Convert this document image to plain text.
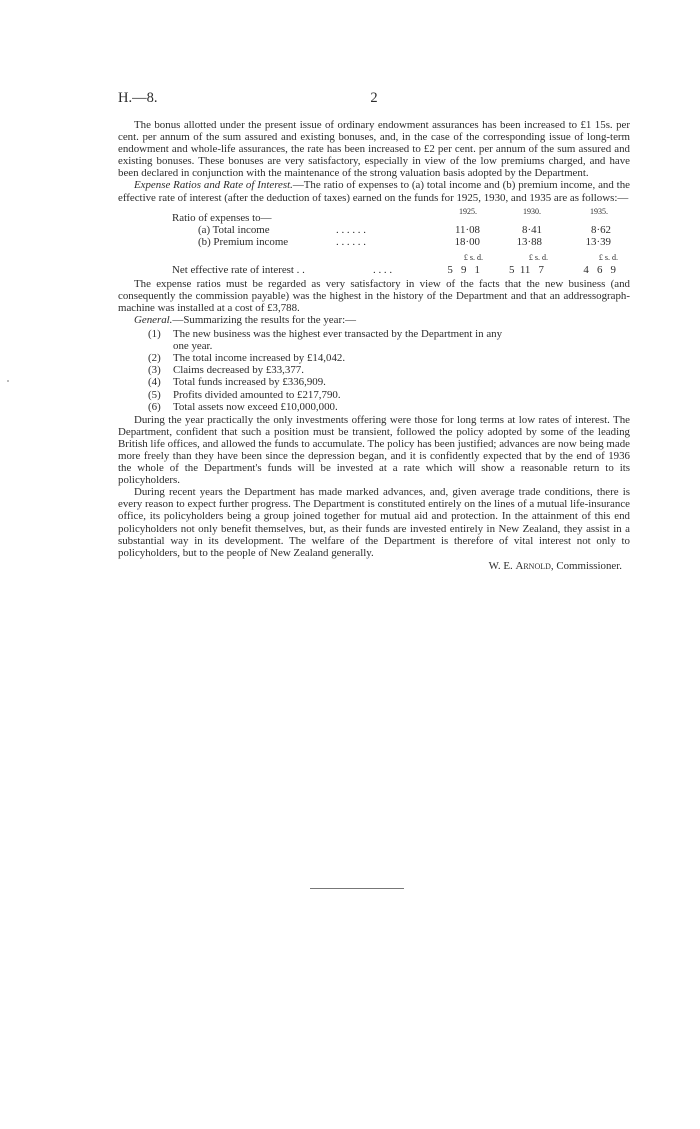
H.—8.	2

The bonus allotted under the present issue of ordinary endowment assurances has been increased to £1 15s. per cent. per annum of the sum assured and existing bonuses, and, in the case of the corresponding issue of long-term endowment and whole-life assurances, the rate has been increased to £2 per cent. per annum of the sum assured and existing bonuses. These bonuses are very satisfactory, especially in view of the low premiums charged, and have been declared in conjunction with the maintenance of the strong valuation basis adopted by the Department.

Expense Ratios and Rate of Interest.—The ratio of expenses to (a) total income and (b) premium income, and the effective rate of interest (after the deduction of taxes) earned on the funds for 1925, 1930, and 1935 are as follows:—

1925.	1930.	1935.
Ratio of expenses to—
(a) Total income	. . . . . .	11·08	8·41	8·62
(b) Premium income	. . . . . .	18·00	13·88	13·39
£ s. d.	£ s. d.	£ s. d.
Net effective rate of interest . .	. . . .	5   9   1	5  11   7	4   6   9

The expense ratios must be regarded as very satisfactory in view of the facts that the new business (and consequently the commission payable) was the highest in the history of the Department and that an addressograph-machine was installed at a cost of £3,788.

General.—Summarizing the results for the year:—

(1) The new business was the highest ever transacted by the Department in any
one year.
(2) The total income increased by £14,042.
(3) Claims decreased by £33,377.
(4) Total funds increased by £336,909.
(5) Profits divided amounted to £217,790.
(6) Total assets now exceed £10,000,000.

During the year practically the only investments offering were those for long terms at low rates of interest. The Department, confident that such a position must be transient, followed the policy adopted by some of the leading British life offices, and allowed the funds to accumulate. The policy has been justified; advances are now being made more freely than they have been since the depression began, and it is confidently expected that by the end of 1936 the whole of the Department's funds will be invested at a rate which will show a reasonable return to its policyholders.

During recent years the Department has made marked advances, and, given average trade conditions, there is every reason to expect further progress. The Department is constituted entirely on the lines of a mutual life-insurance office, its policyholders being a group joined together for mutual aid and protection. In the attainment of this end policyholders not only benefit themselves, but, as their funds are invested entirely in New Zealand, they assist in a substantial way in its development. The welfare of the Department is therefore of vital interest not only to policyholders, but to the people of New Zealand generally.

W. E. Arnold, Commissioner.
